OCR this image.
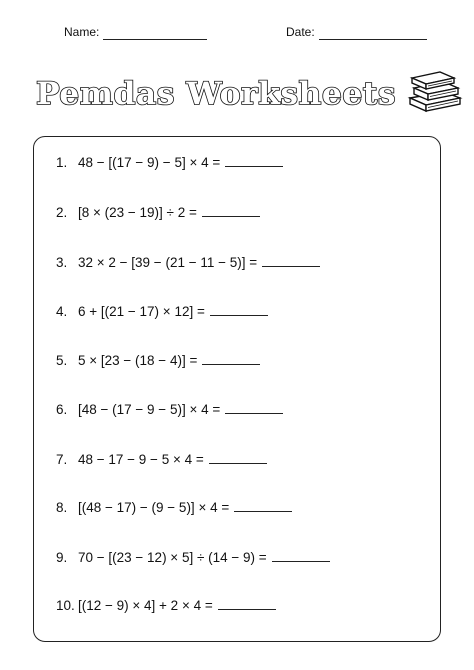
Name:	Date:
Pemdas Worksheets
1. 48 − [(17 − 9) − 5] × 4 =
2. [8 × (23 − 19)] ÷ 2 =
3. 32 × 2 − [39 − (21 − 11 − 5)] =
4. 6 + [(21 − 17) × 12] =
5. 5 × [23 − (18 − 4)] =
6. [48 − (17 − 9 − 5)] × 4 =
7. 48 − 17 − 9 − 5 × 4 =
8. [(48 − 17) − (9 − 5)] × 4 =
9. 70 − [(23 − 12) × 5] ÷ (14 − 9) =
10. [(12 − 9) × 4] + 2 × 4 =
